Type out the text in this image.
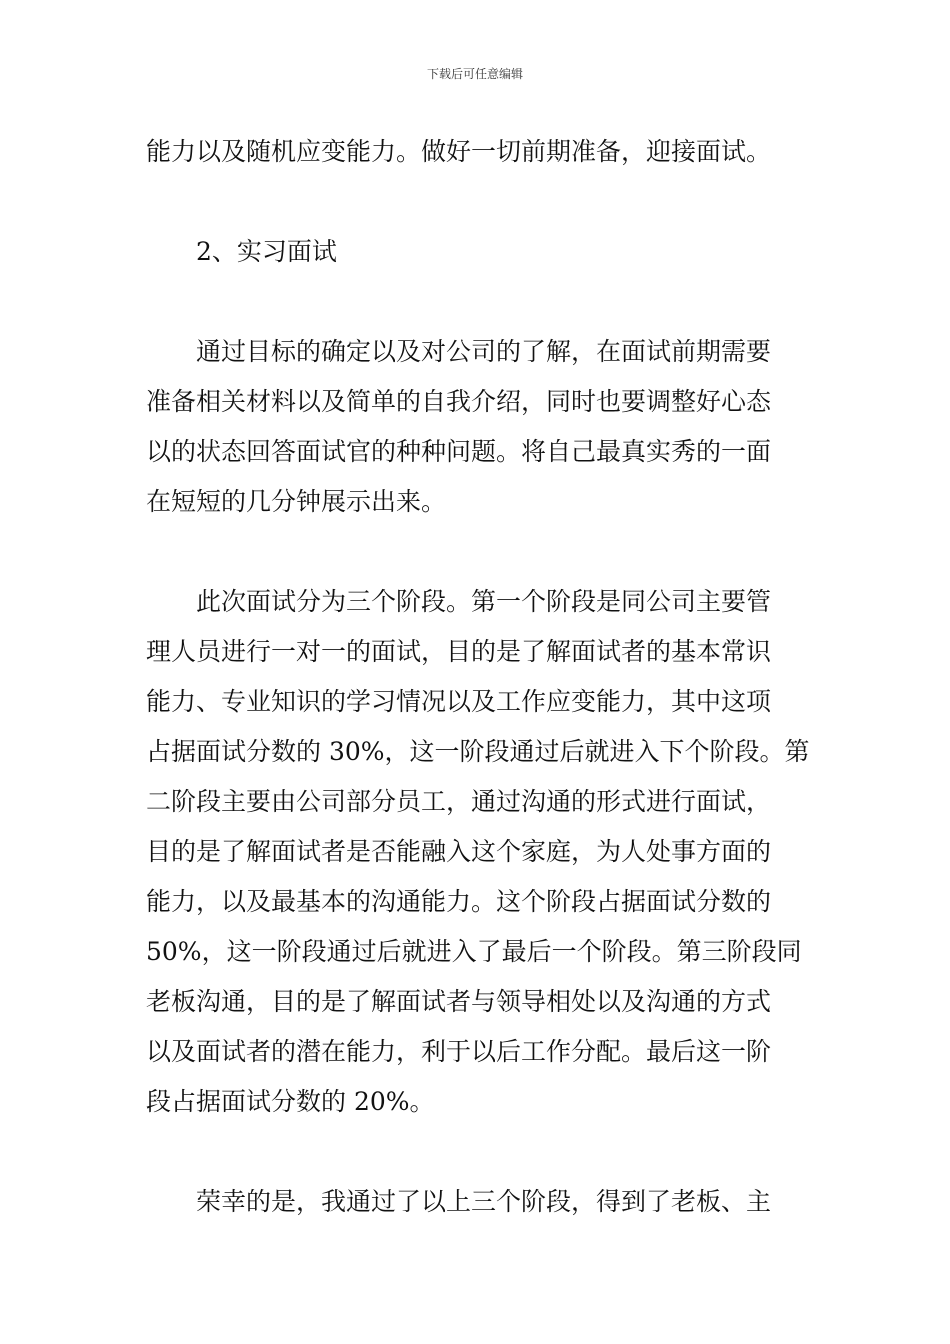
下载后可任意编辑
能力以及随机应变能力。做好一切前期准备，迎接面试。
2、实习面试
通过目标的确定以及对公司的了解，在面试前期需要
准备相关材料以及简单的自我介绍，同时也要调整好心态
以的状态回答面试官的种种问题。将自己最真实秀的一面
在短短的几分钟展示出来。
此次面试分为三个阶段。第一个阶段是同公司主要管
理人员进行一对一的面试，目的是了解面试者的基本常识
能力、专业知识的学习情况以及工作应变能力，其中这项
占据面试分数的 30%，这一阶段通过后就进入下个阶段。第
二阶段主要由公司部分员工，通过沟通的形式进行面试，
目的是了解面试者是否能融入这个家庭，为人处事方面的
能力，以及最基本的沟通能力。这个阶段占据面试分数的
50%，这一阶段通过后就进入了最后一个阶段。第三阶段同
老板沟通，目的是了解面试者与领导相处以及沟通的方式
以及面试者的潜在能力，利于以后工作分配。最后这一阶
段占据面试分数的 20%。
荣幸的是，我通过了以上三个阶段，得到了老板、主
